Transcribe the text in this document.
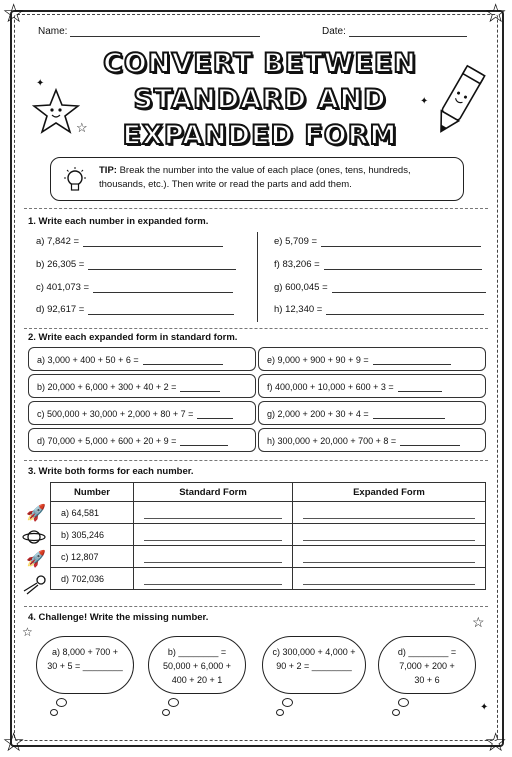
☆	☆
☆	☆
Name:	Date:
CONVERT BETWEEN
STANDARD AND
EXPANDED FORM
☆
✦
✦
TIP: Break the number into the value of each place (ones, tens, hundreds, thousands, etc.). Then write or read the parts and add them.
1. Write each number in expanded form.
a) 7,842 =
b) 26,305 =
c) 401,073 =
d) 92,617 =
e) 5,709 =
f) 83,206 =
g) 600,045 =
h) 12,340 =
2. Write each expanded form in standard form.
a) 3,000 + 400 + 50 + 6 =
b) 20,000 + 6,000 + 300 + 40 + 2 =
c) 500,000 + 30,000 + 2,000 + 80 + 7 =
d) 70,000 + 5,000 + 600 + 20 + 9 =
e) 9,000 + 900 + 90 + 9 =
f) 400,000 + 10,000 + 600 + 3 =
g) 2,000 + 200 + 30 + 4 =
h) 300,000 + 20,000 + 700 + 8 =
3. Write both forms for each number.
Number	Standard Form	Expanded Form
a) 64,581	

b) 305,246	

c) 12,807	

d) 702,036	

🚀
🚀
4. Challenge! Write the missing number.
☆
☆
a) 8,000 + 700 +
30 + 5 = ________
b) ________ =
50,000 + 6,000 +
400 + 20 + 1
c) 300,000 + 4,000 +
90 + 2 = ________
d) ________ =
7,000 + 200 +
30 + 6
✦
